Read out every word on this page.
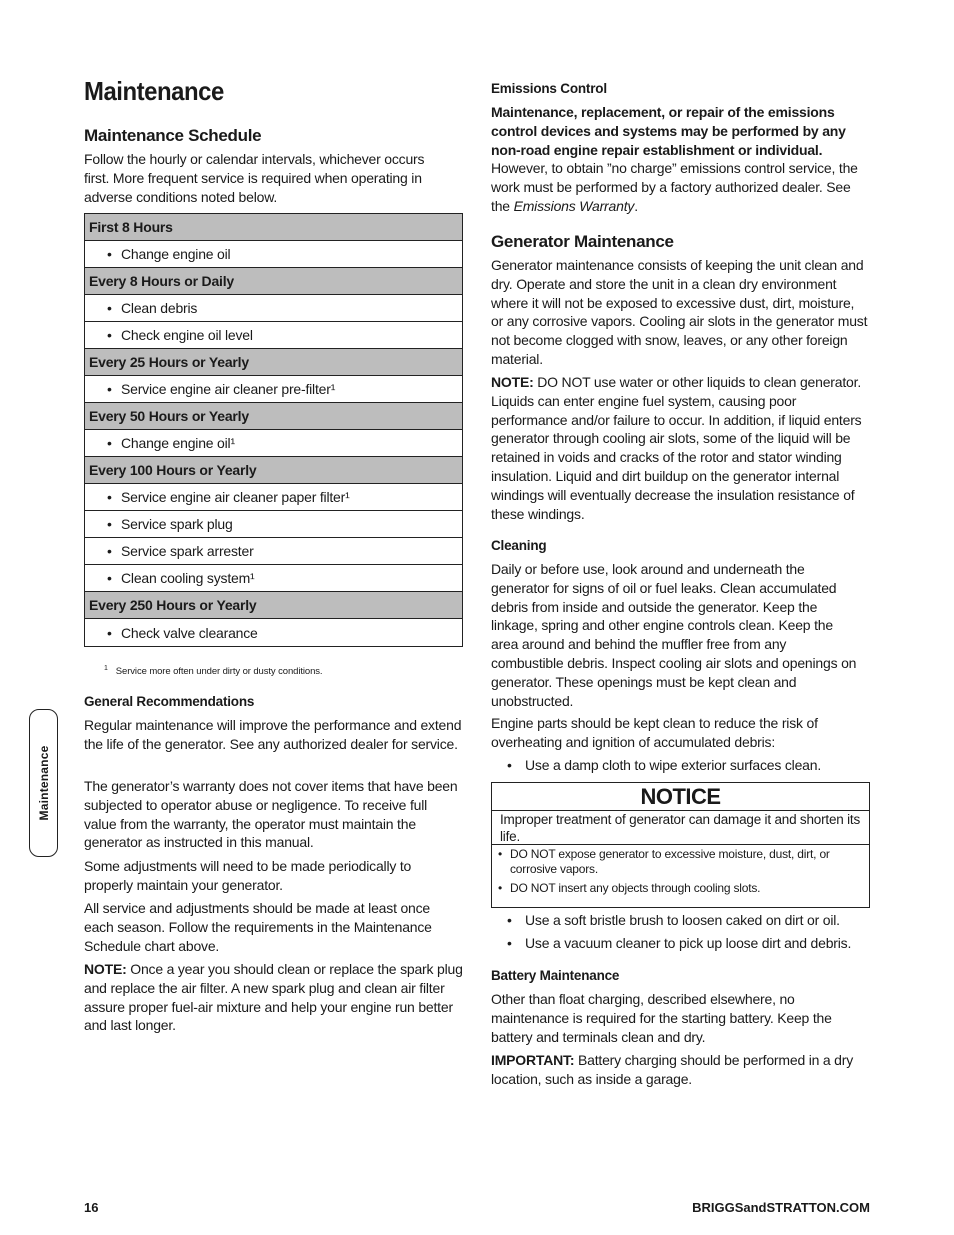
Maintenance
Maintenance Schedule

Follow the hourly or calendar intervals, whichever occurs first. More frequent service is required when operating in adverse conditions noted below.

First 8 Hours
• Change engine oil
Every 8 Hours or Daily
• Clean debris
• Check engine oil level
Every 25 Hours or Yearly
• Service engine air cleaner pre-filter¹
Every 50 Hours or Yearly
• Change engine oil¹
Every 100 Hours or Yearly
• Service engine air cleaner paper filter¹
• Service spark plug
• Service spark arrester
• Clean cooling system¹
Every 250 Hours or Yearly
• Check valve clearance
$^1$ Service more often under dirty or dusty conditions.
General Recommendations

Regular maintenance will improve the performance and extend the life of the generator. See any authorized dealer for service.

The generator’s warranty does not cover items that have been subjected to operator abuse or negligence. To receive full value from the warranty, the operator must maintain the generator as instructed in this manual.

Some adjustments will need to be made periodically to properly maintain your generator.

All service and adjustments should be made at least once each season. Follow the requirements in the Maintenance Schedule chart above.

NOTE: Once a year you should clean or replace the spark plug and replace the air filter. A new spark plug and clean air filter assure proper fuel-air mixture and help your engine run better and last longer.

Emissions Control

Maintenance, replacement, or repair of the emissions control devices and systems may be performed by any non-road engine repair establishment or individual. However, to obtain ”no charge” emissions control service, the work must be performed by a factory authorized dealer. See the Emissions Warranty.

Generator Maintenance

Generator maintenance consists of keeping the unit clean and dry. Operate and store the unit in a clean dry environment where it will not be exposed to excessive dust, dirt, moisture, or any corrosive vapors. Cooling air slots in the generator must not become clogged with snow, leaves, or any other foreign material.

NOTE: DO NOT use water or other liquids to clean generator. Liquids can enter engine fuel system, causing poor performance and/or failure to occur. In addition, if liquid enters generator through cooling air slots, some of the liquid will be retained in voids and cracks of the rotor and stator winding insulation. Liquid and dirt buildup on the generator internal windings will eventually decrease the insulation resistance of these windings.

Cleaning

Daily or before use, look around and underneath the generator for signs of oil or fuel leaks. Clean accumulated debris from inside and outside the generator. Keep the linkage, spring and other engine controls clean. Keep the area around and behind the muffler free from any combustible debris. Inspect cooling air slots and openings on generator. These openings must be kept clean and unobstructed.

Engine parts should be kept clean to reduce the risk of overheating and ignition of accumulated debris:

• Use a damp cloth to wipe exterior surfaces clean.
NOTICE
Improper treatment of generator can damage it and shorten its life.
• DO NOT expose generator to excessive moisture, dust, dirt, or corrosive vapors.
• DO NOT insert any objects through cooling slots.
• Use a soft bristle brush to loosen caked on dirt or oil.
• Use a vacuum cleaner to pick up loose dirt and debris.
Battery Maintenance

Other than float charging, described elsewhere, no maintenance is required for the starting battery. Keep the battery and terminals clean and dry.

IMPORTANT: Battery charging should be performed in a dry location, such as inside a garage.

Maintenance
16	BRIGGSandSTRATTON.COM
